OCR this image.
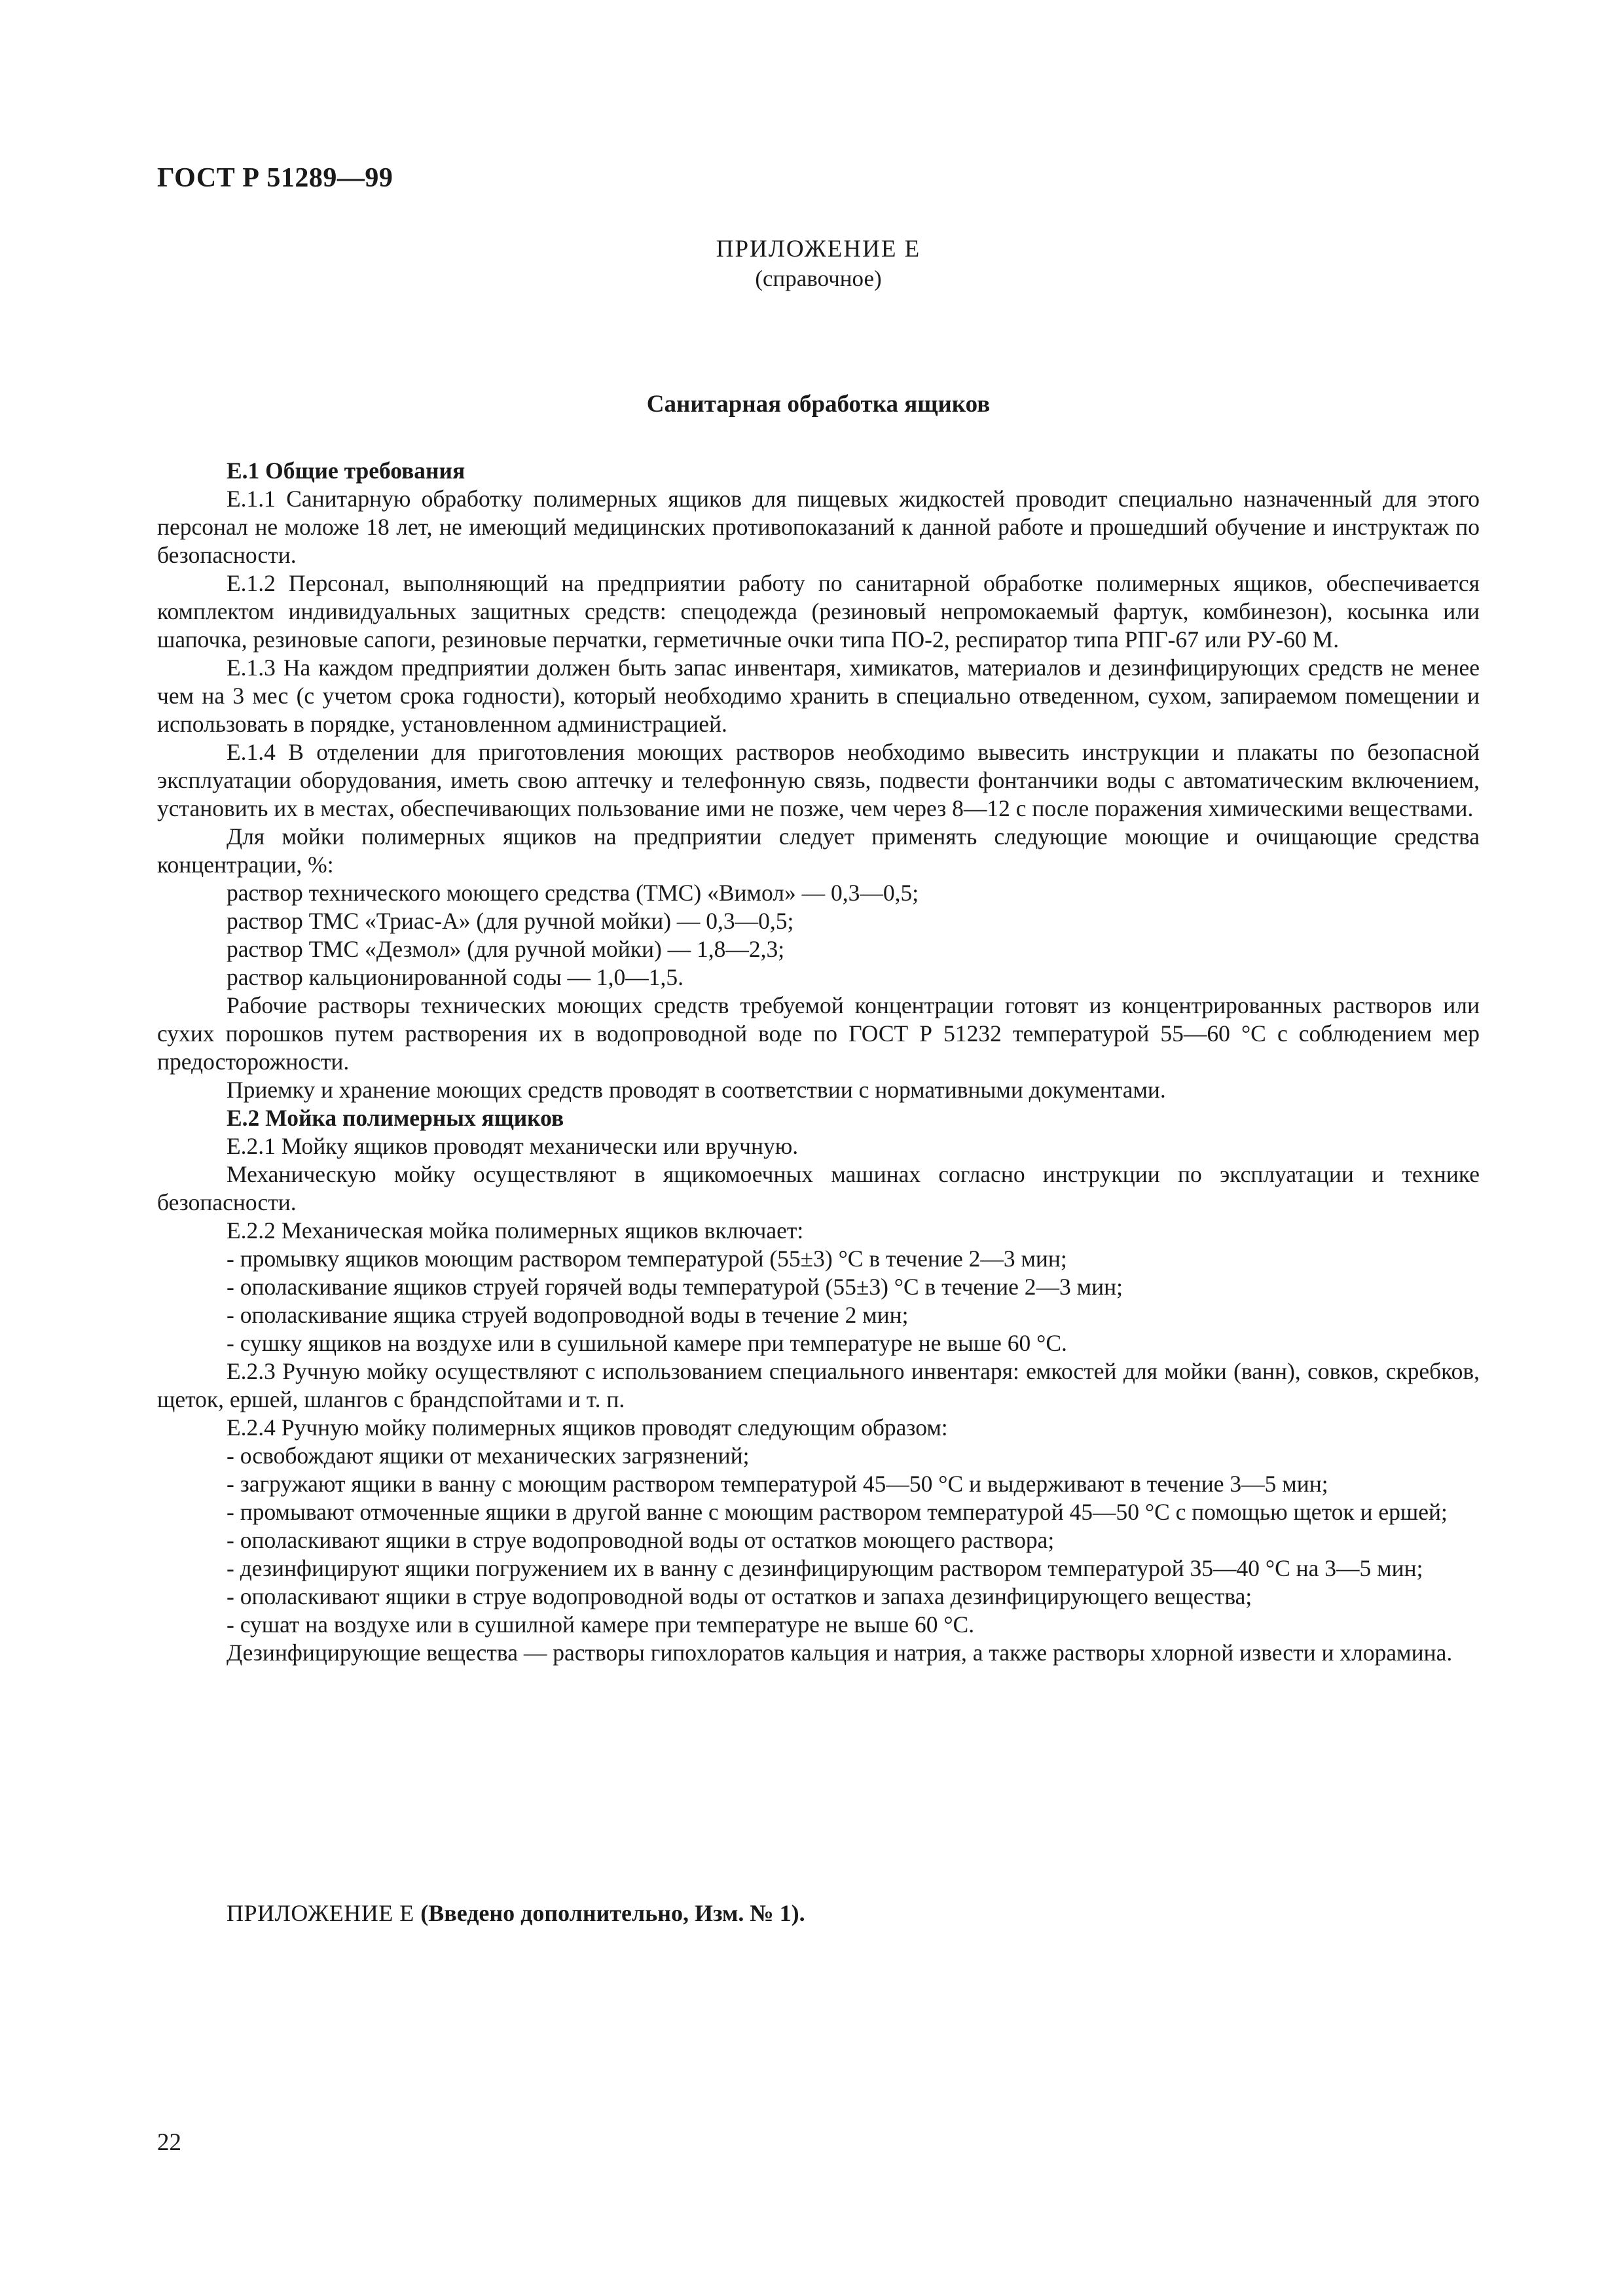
ГОСТ Р 51289—99
ПРИЛОЖЕНИЕ Е
(справочное)
Санитарная обработка ящиков

Е.1 Общие требования

Е.1.1 Санитарную обработку полимерных ящиков для пищевых жидкостей проводит специально назначенный для этого персонал не моложе 18 лет, не имеющий медицинских противопоказаний к данной работе и прошедший обучение и инструктаж по безопасности.

Е.1.2 Персонал, выполняющий на предприятии работу по санитарной обработке полимерных ящиков, обеспечивается комплектом индивидуальных защитных средств: спецодежда (резиновый непромокаемый фартук, комбинезон), косынка или шапочка, резиновые сапоги, резиновые перчатки, герметичные очки типа ПО-2, респиратор типа РПГ-67 или РУ-60 М.

Е.1.3 На каждом предприятии должен быть запас инвентаря, химикатов, материалов и дезинфицирующих средств не менее чем на 3 мес (с учетом срока годности), который необходимо хранить в специально отведенном, сухом, запираемом помещении и использовать в порядке, установленном администрацией.

Е.1.4 В отделении для приготовления моющих растворов необходимо вывесить инструкции и плакаты по безопасной эксплуатации оборудования, иметь свою аптечку и телефонную связь, подвести фонтанчики воды с автоматическим включением, установить их в местах, обеспечивающих пользование ими не позже, чем через 8—12 с после поражения химическими веществами.

Для мойки полимерных ящиков на предприятии следует применять следующие моющие и очищающие средства концентрации, %:

раствор технического моющего средства (ТМС) «Вимол» — 0,3—0,5;

раствор ТМС «Триас-А» (для ручной мойки) — 0,3—0,5;

раствор ТМС «Дезмол» (для ручной мойки) — 1,8—2,3;

раствор кальционированной соды — 1,0—1,5.

Рабочие растворы технических моющих средств требуемой концентрации готовят из концентрированных растворов или сухих порошков путем растворения их в водопроводной воде по ГОСТ Р 51232 температурой 55—60 °С с соблюдением мер предосторожности.

Приемку и хранение моющих средств проводят в соответствии с нормативными документами.

Е.2 Мойка полимерных ящиков

Е.2.1 Мойку ящиков проводят механически или вручную.

Механическую мойку осуществляют в ящикомоечных машинах согласно инструкции по эксплуатации и технике безопасности.

Е.2.2 Механическая мойка полимерных ящиков включает:

- промывку ящиков моющим раствором температурой (55±3) °С в течение 2—3 мин;

- ополаскивание ящиков струей горячей воды температурой (55±3) °С в течение 2—3 мин;

- ополаскивание ящика струей водопроводной воды в течение 2 мин;

- сушку ящиков на воздухе или в сушильной камере при температуре не выше 60 °С.

Е.2.3 Ручную мойку осуществляют с использованием специального инвентаря: емкостей для мойки (ванн), совков, скребков, щеток, ершей, шлангов с брандспойтами и т. п.

Е.2.4 Ручную мойку полимерных ящиков проводят следующим образом:

- освобождают ящики от механических загрязнений;

- загружают ящики в ванну с моющим раствором температурой 45—50 °С и выдерживают в течение 3—5 мин;

- промывают отмоченные ящики в другой ванне с моющим раствором температурой 45—50 °С с помощью щеток и ершей;

- ополаскивают ящики в струе водопроводной воды от остатков моющего раствора;

- дезинфицируют ящики погружением их в ванну с дезинфицирующим раствором температурой 35—40 °С на 3—5 мин;

- ополаскивают ящики в струе водопроводной воды от остатков и запаха дезинфицирующего вещества;

- сушат на воздухе или в сушилной камере при температуре не выше 60 °С.

Дезинфицирующие вещества — растворы гипохлоратов кальция и натрия, а также растворы хлорной извести и хлорамина.

ПРИЛОЖЕНИЕ Е (Введено дополнительно, Изм. № 1).
22
